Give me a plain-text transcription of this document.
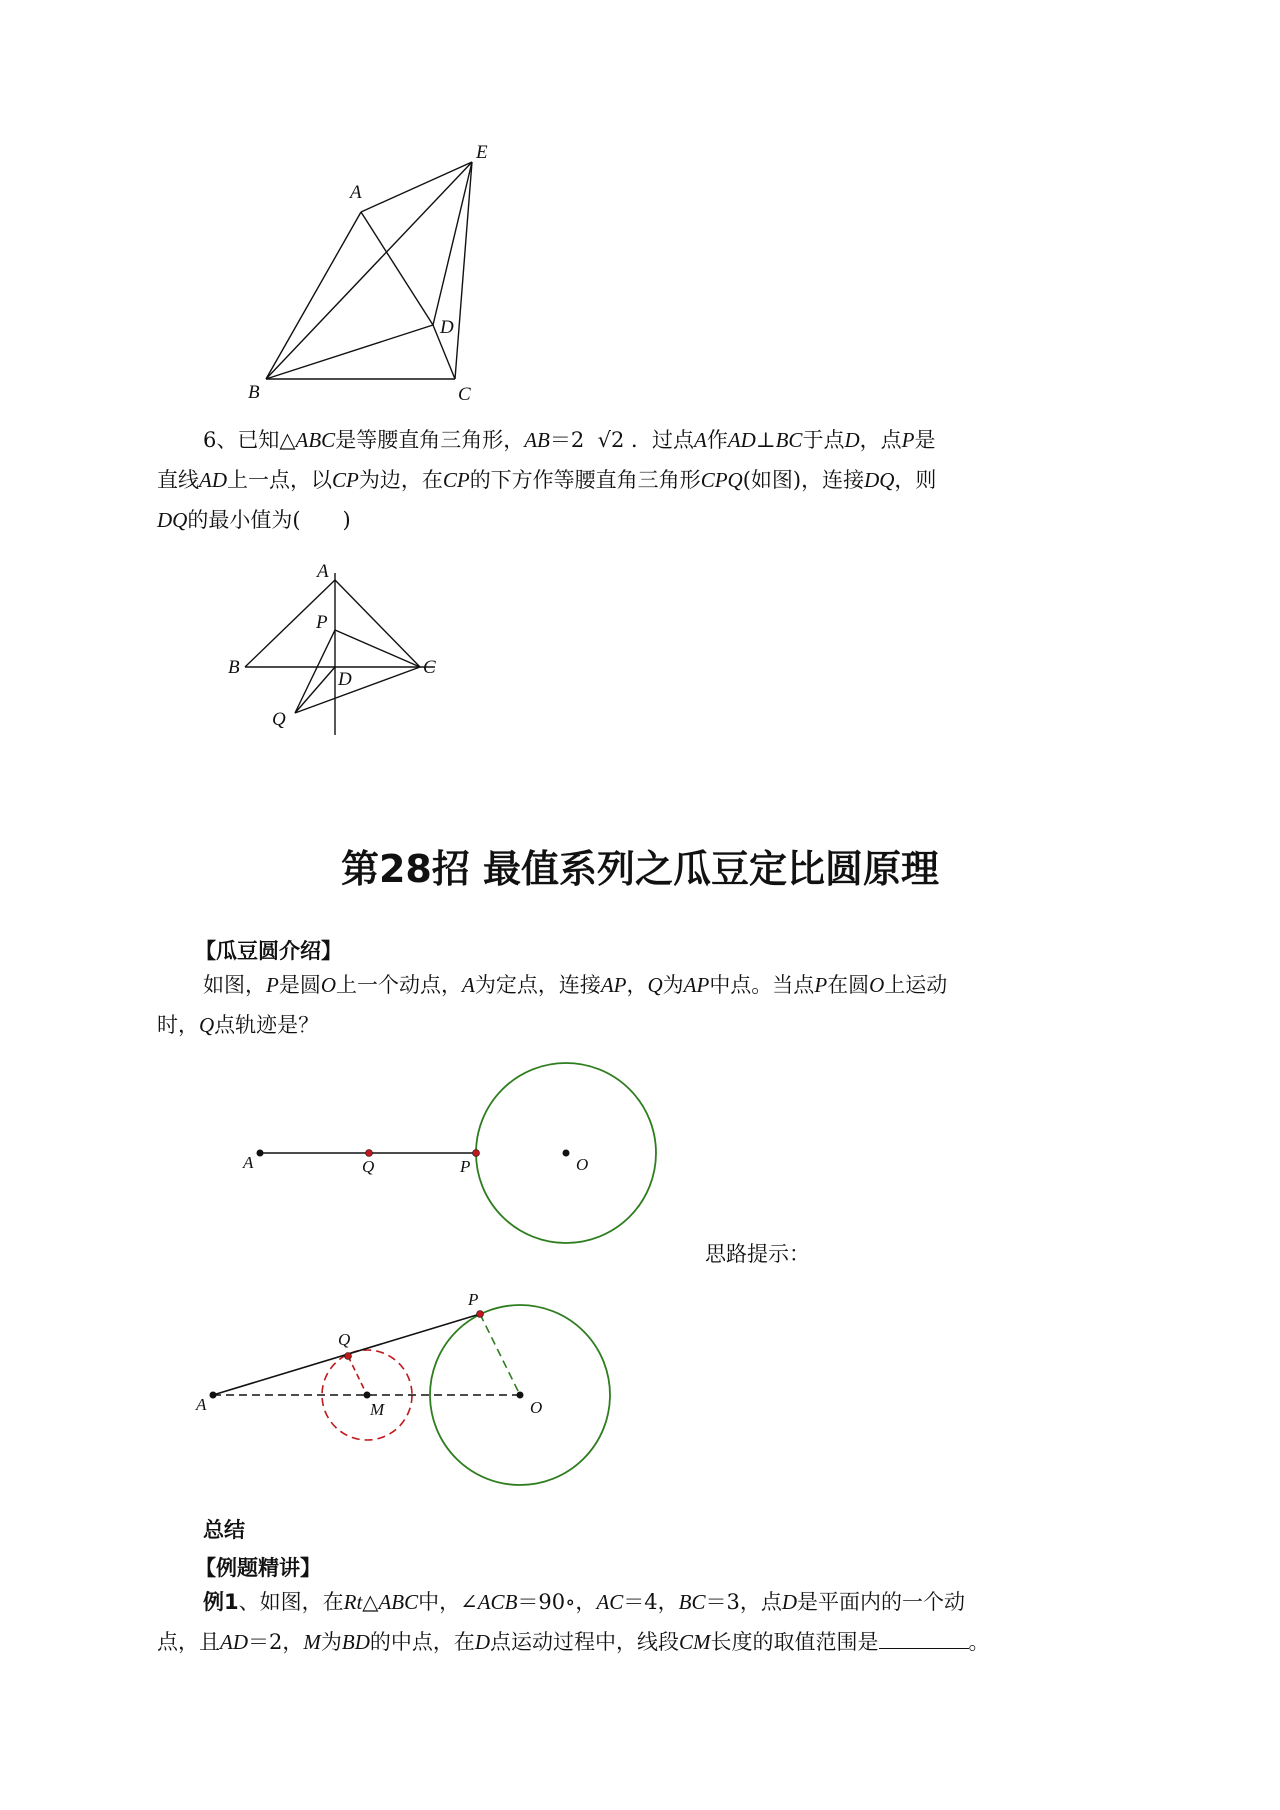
A
B	C
D
E
6、已知△ABC是等腰直角三角形，AB＝2 √2 ．过点A作AD⊥BC于点D，点P是
直线AD上一点，以CP为边，在CP的下方作等腰直角三角形CPQ(如图)，连接DQ，则
DQ的最小值为(　　)
A
B	C
D
P
Q
第28招 最值系列之瓜豆定比圆原理
【瓜豆圆介绍】
如图，P是圆O上一个动点，A为定点，连接AP，Q为AP中点。当点P在圆O上运动
时，Q点轨迹是？
A	Q	P	O
思路提示：
A
Q
P
M	O
总结
【例题精讲】
例1、如图，在Rt△ABC中，∠ACB＝90∘，AC＝4，BC＝3，点D是平面内的一个动
点，且AD＝2，M为BD的中点，在D点运动过程中，线段CM长度的取值范围是	。
